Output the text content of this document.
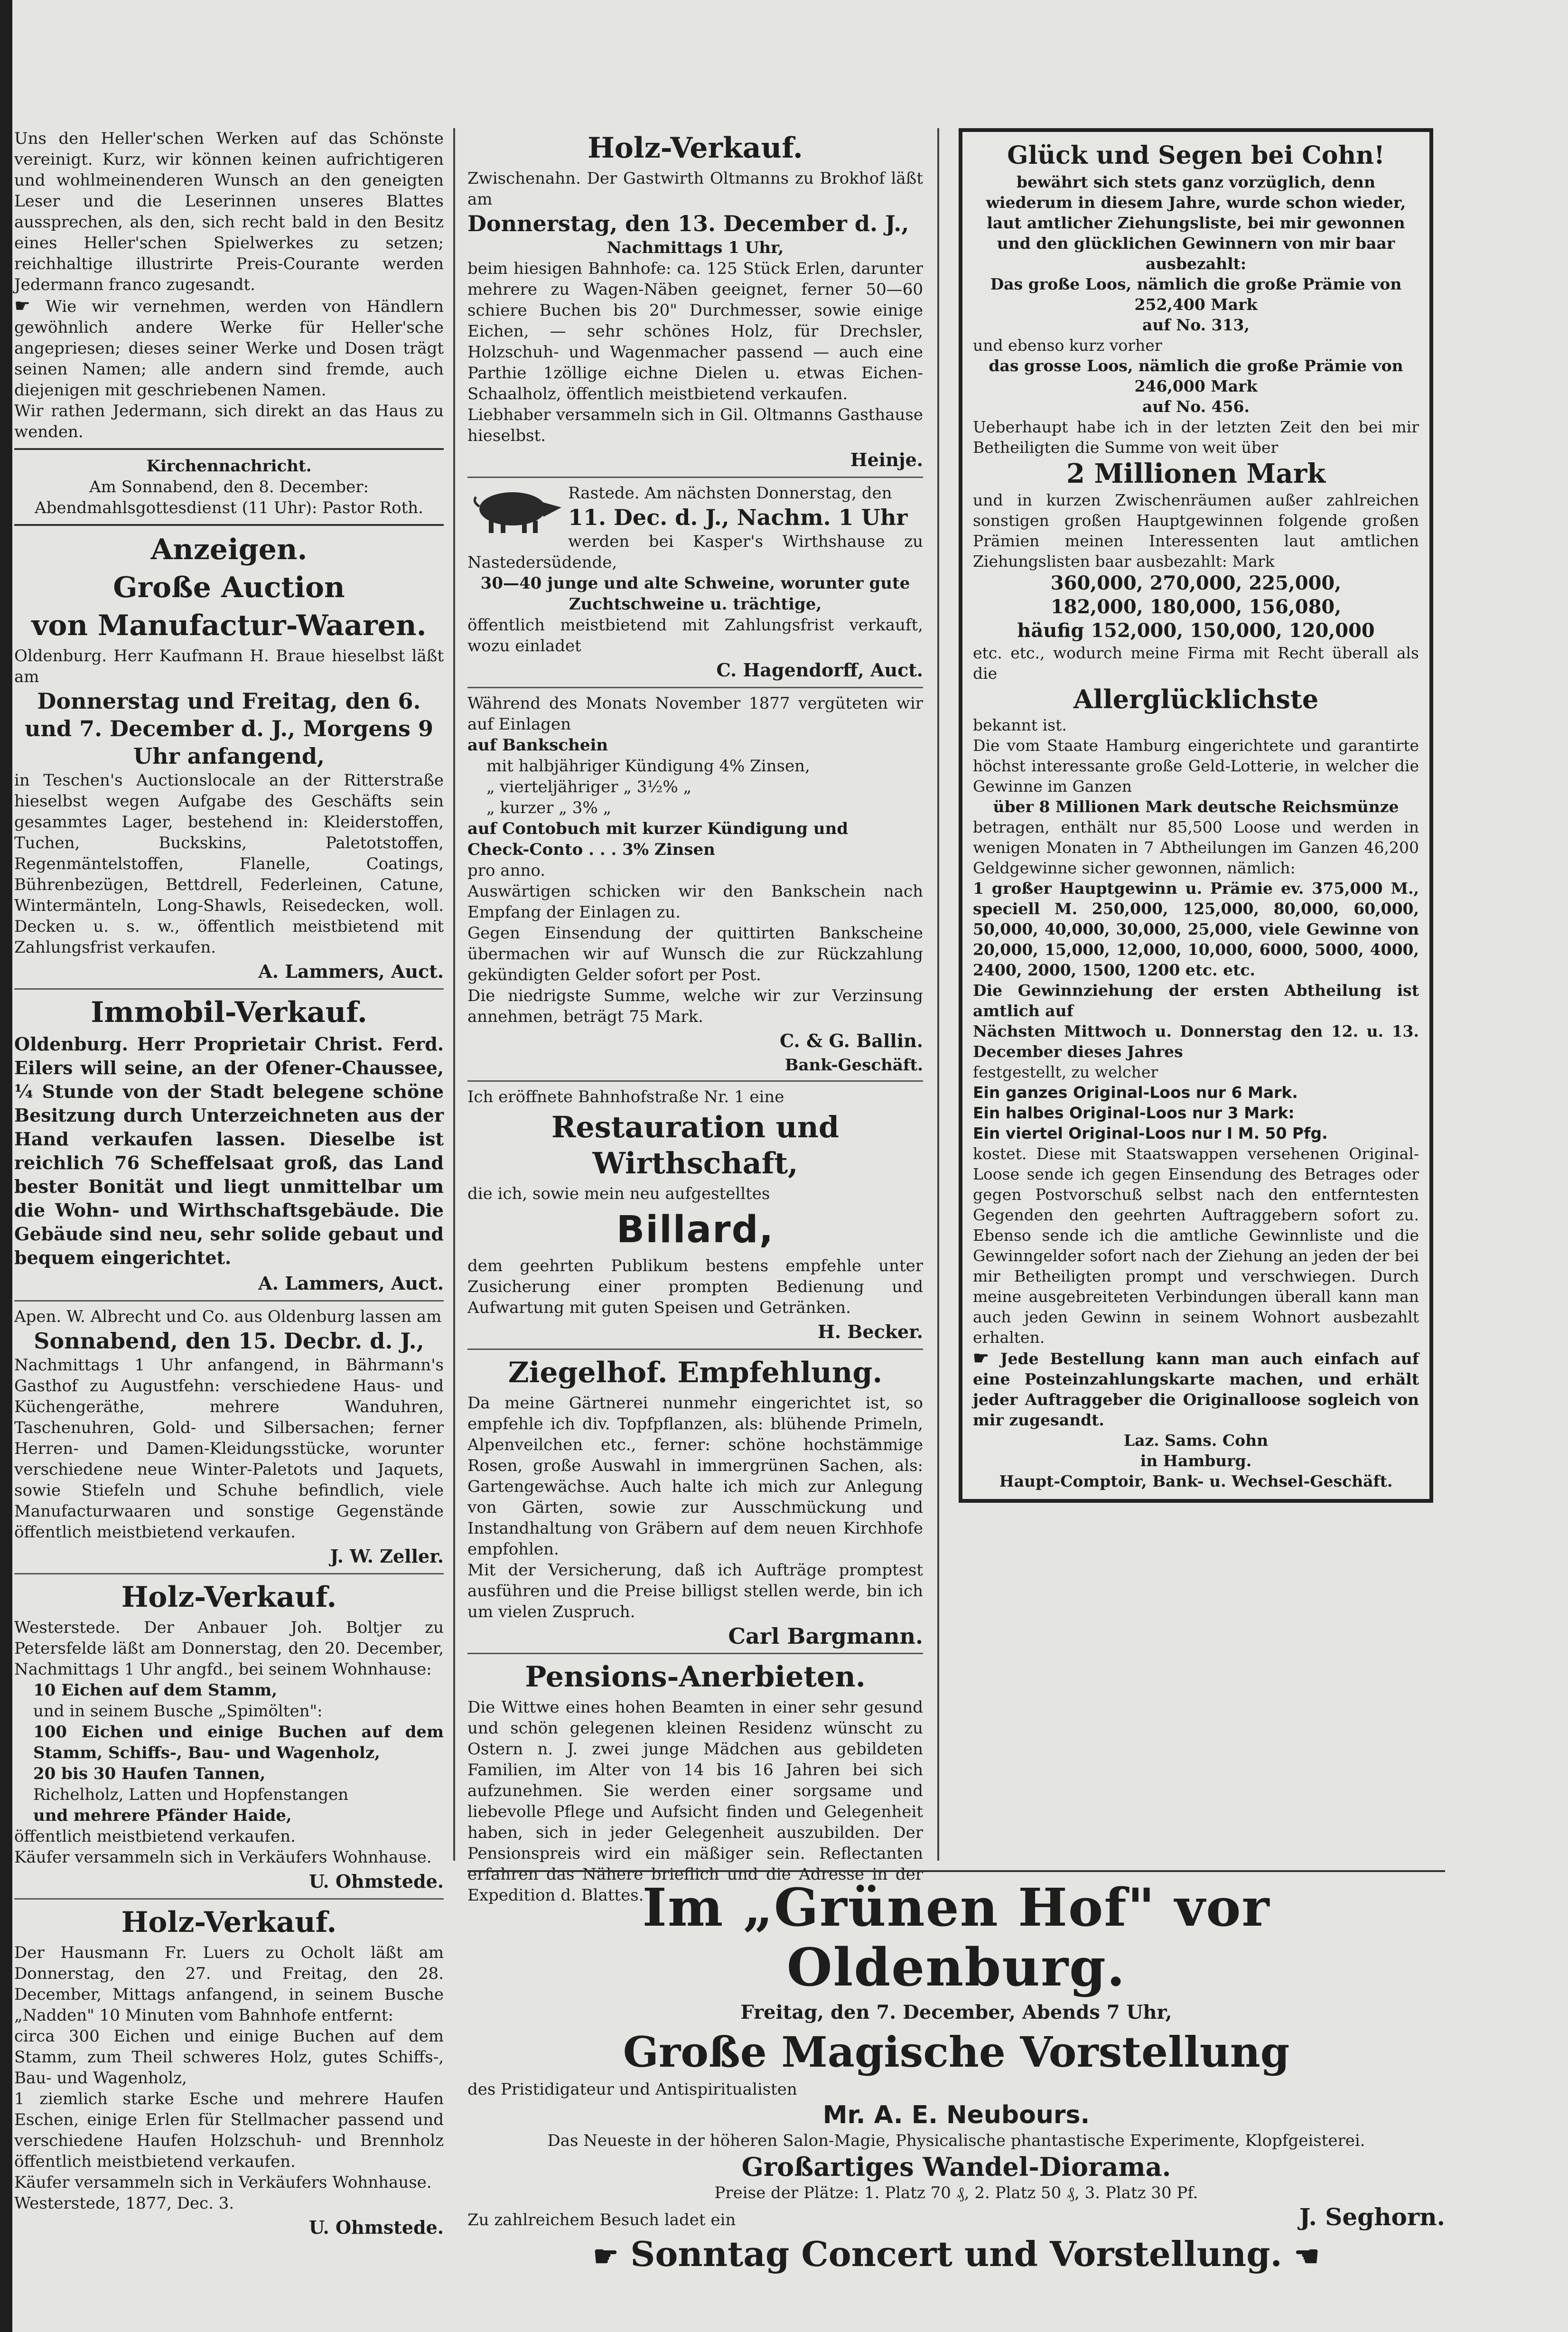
Uns den Heller'schen Werken auf das Schönste vereinigt. Kurz, wir können keinen aufrichtigeren und wohlmeinenderen Wunsch an den geneigten Leser und die Leserinnen unseres Blattes aussprechen, als den, sich recht bald in den Besitz eines Heller'schen Spielwerkes zu setzen; reichhaltige illustrirte Preis-Courante werden Jedermann franco zugesandt.

☛ Wie wir vernehmen, werden von Händlern gewöhnlich andere Werke für Heller'sche angepriesen; dieses seiner Werke und Dosen trägt seinen Namen; alle andern sind fremde, auch diejenigen mit geschriebenen Namen.

Wir rathen Jedermann, sich direkt an das Haus zu wenden.

Kirchennachricht.

Am Sonnabend, den 8. December:

Abendmahlsgottesdienst (11 Uhr): Pastor Roth.

Anzeigen.
Große Auction
von Manufactur-Waaren.

Oldenburg. Herr Kaufmann H. Braue hieselbst läßt am

Donnerstag und Freitag, den 6. und 7. December d. J., Morgens 9 Uhr anfangend,

in Teschen's Auctionslocale an der Ritterstraße hieselbst wegen Aufgabe des Geschäfts sein gesammtes Lager, bestehend in: Kleiderstoffen, Tuchen, Buckskins, Paletotstoffen, Regenmäntelstoffen, Flanelle, Coatings, Bührenbezügen, Bettdrell, Federleinen, Catune, Wintermänteln, Long-Shawls, Reisedecken, woll. Decken u. s. w., öffentlich meistbietend mit Zahlungsfrist verkaufen.

A. Lammers, Auct.

Immobil-Verkauf.

Oldenburg. Herr Proprietair Christ. Ferd. Eilers will seine, an der Ofener-Chaussee, ¼ Stunde von der Stadt belegene schöne Besitzung durch Unterzeichneten aus der Hand verkaufen lassen. Dieselbe ist reichlich 76 Scheffelsaat groß, das Land bester Bonität und liegt unmittelbar um die Wohn- und Wirthschaftsgebäude. Die Gebäude sind neu, sehr solide gebaut und bequem eingerichtet.

A. Lammers, Auct.

Apen. W. Albrecht und Co. aus Oldenburg lassen am

Sonnabend, den 15. Decbr. d. J.,

Nachmittags 1 Uhr anfangend, in Bährmann's Gasthof zu Augustfehn: verschiedene Haus- und Küchengeräthe, mehrere Wanduhren, Taschenuhren, Gold- und Silbersachen; ferner Herren- und Damen-Kleidungsstücke, worunter verschiedene neue Winter-Paletots und Jaquets, sowie Stiefeln und Schuhe befindlich, viele Manufacturwaaren und sonstige Gegenstände öffentlich meistbietend verkaufen.

J. W. Zeller.

Holz-Verkauf.

Westerstede. Der Anbauer Joh. Boltjer zu Petersfelde läßt am Donnerstag, den 20. December, Nachmittags 1 Uhr angfd., bei seinem Wohnhause:

10 Eichen auf dem Stamm,

und in seinem Busche „Spimölten":

100 Eichen und einige Buchen auf dem Stamm, Schiffs-, Bau- und Wagenholz,

20 bis 30 Haufen Tannen,

Richelholz, Latten und Hopfenstangen

und mehrere Pfänder Haide,

öffentlich meistbietend verkaufen.

Käufer versammeln sich in Verkäufers Wohnhause.

U. Ohmstede.

Holz-Verkauf.

Der Hausmann Fr. Luers zu Ocholt läßt am Donnerstag, den 27. und Freitag, den 28. December, Mittags anfangend, in seinem Busche „Nadden" 10 Minuten vom Bahnhofe entfernt:

circa 300 Eichen und einige Buchen auf dem Stamm, zum Theil schweres Holz, gutes Schiffs-, Bau- und Wagenholz,

1 ziemlich starke Esche und mehrere Haufen Eschen, einige Erlen für Stellmacher passend und verschiedene Haufen Holzschuh- und Brennholz öffentlich meistbietend verkaufen.

Käufer versammeln sich in Verkäufers Wohnhause.

Westerstede, 1877, Dec. 3.

U. Ohmstede.

Holz-Verkauf.

Zwischenahn. Der Gastwirth Oltmanns zu Brokhof läßt am

Donnerstag, den 13. December d. J.,

Nachmittags 1 Uhr,

beim hiesigen Bahnhofe: ca. 125 Stück Erlen, darunter mehrere zu Wagen-Näben geeignet, ferner 50—60 schiere Buchen bis 20" Durchmesser, sowie einige Eichen, — sehr schönes Holz, für Drechsler, Holzschuh- und Wagenmacher passend — auch eine Parthie 1zöllige eichne Dielen u. etwas Eichen-Schaalholz, öffentlich meistbietend verkaufen.

Liebhaber versammeln sich in Gil. Oltmanns Gasthause hieselbst.

Heinje.

Rastede. Am nächsten Donnerstag, den

11. Dec. d. J., Nachm. 1 Uhr

werden bei Kasper's Wirthshause zu Nastedersüdende,

30—40 junge und alte Schweine, worunter gute Zuchtschweine u. trächtige,

öffentlich meistbietend mit Zahlungsfrist verkauft, wozu einladet

C. Hagendorff, Auct.

Während des Monats November 1877 vergüteten wir auf Einlagen

auf Bankschein

mit halbjähriger Kündigung 4% Zinsen,

„ vierteljähriger „ 3½% „

„ kurzer „ 3% „

auf Contobuch mit kurzer Kündigung und

Check-Conto . . . 3% Zinsen

pro anno.

Auswärtigen schicken wir den Bankschein nach Empfang der Einlagen zu.

Gegen Einsendung der quittirten Bankscheine übermachen wir auf Wunsch die zur Rückzahlung gekündigten Gelder sofort per Post.

Die niedrigste Summe, welche wir zur Verzinsung annehmen, beträgt 75 Mark.

C. & G. Ballin.

Bank-Geschäft.

Ich eröffnete Bahnhofstraße Nr. 1 eine

Restauration und Wirthschaft,

die ich, sowie mein neu aufgestelltes

Billard,

dem geehrten Publikum bestens empfehle unter Zusicherung einer prompten Bedienung und Aufwartung mit guten Speisen und Getränken.

H. Becker.

Ziegelhof. Empfehlung.

Da meine Gärtnerei nunmehr eingerichtet ist, so empfehle ich div. Topfpflanzen, als: blühende Primeln, Alpenveilchen etc., ferner: schöne hochstämmige Rosen, große Auswahl in immergrünen Sachen, als: Gartengewächse. Auch halte ich mich zur Anlegung von Gärten, sowie zur Ausschmückung und Instandhaltung von Gräbern auf dem neuen Kirchhofe empfohlen.

Mit der Versicherung, daß ich Aufträge promptest ausführen und die Preise billigst stellen werde, bin ich um vielen Zuspruch.

Carl Bargmann.

Pensions-Anerbieten.

Die Wittwe eines hohen Beamten in einer sehr gesund und schön gelegenen kleinen Residenz wünscht zu Ostern n. J. zwei junge Mädchen aus gebildeten Familien, im Alter von 14 bis 16 Jahren bei sich aufzunehmen. Sie werden einer sorgsame und liebevolle Pflege und Aufsicht finden und Gelegenheit haben, sich in jeder Gelegenheit auszubilden. Der Pensionspreis wird ein mäßiger sein. Reflectanten erfahren das Nähere brieflich und die Adresse in der Expedition d. Blattes.

Glück und Segen bei Cohn!

bewährt sich stets ganz vorzüglich, denn wiederum in diesem Jahre, wurde schon wieder, laut amtlicher Ziehungsliste, bei mir gewonnen und den glücklichen Gewinnern von mir baar ausbezahlt:

Das große Loos, nämlich die große Prämie von

252,400 Mark

auf No. 313,

und ebenso kurz vorher

das grosse Loos, nämlich die große Prämie von

246,000 Mark

auf No. 456.

Ueberhaupt habe ich in der letzten Zeit den bei mir Betheiligten die Summe von weit über

2 Millionen Mark

und in kurzen Zwischenräumen außer zahlreichen sonstigen großen Hauptgewinnen folgende großen Prämien meinen Interessenten laut amtlichen Ziehungslisten baar ausbezahlt: Mark

360,000, 270,000, 225,000,

182,000, 180,000, 156,080,

häufig 152,000, 150,000, 120,000

etc. etc., wodurch meine Firma mit Recht überall als die

Allerglücklichste

bekannt ist.

Die vom Staate Hamburg eingerichtete und garantirte höchst interessante große Geld-Lotterie, in welcher die Gewinne im Ganzen

über 8 Millionen Mark deutsche Reichsmünze

betragen, enthält nur 85,500 Loose und werden in wenigen Monaten in 7 Abtheilungen im Ganzen 46,200 Geldgewinne sicher gewonnen, nämlich:

1 großer Hauptgewinn u. Prämie ev. 375,000 M., speciell M. 250,000, 125,000, 80,000, 60,000, 50,000, 40,000, 30,000, 25,000, viele Gewinne von 20,000, 15,000, 12,000, 10,000, 6000, 5000, 4000, 2400, 2000, 1500, 1200 etc. etc.

Die Gewinnziehung der ersten Abtheilung ist amtlich auf

Nächsten Mittwoch u. Donnerstag den 12. u. 13. December dieses Jahres

festgestellt, zu welcher

Ein ganzes Original-Loos nur 6 Mark.

Ein halbes Original-Loos nur 3 Mark:

Ein viertel Original-Loos nur I M. 50 Pfg.

kostet. Diese mit Staatswappen versehenen Original-Loose sende ich gegen Einsendung des Betrages oder gegen Postvorschuß selbst nach den entferntesten Gegenden den geehrten Auftraggebern sofort zu. Ebenso sende ich die amtliche Gewinnliste und die Gewinngelder sofort nach der Ziehung an jeden der bei mir Betheiligten prompt und verschwiegen. Durch meine ausgebreiteten Verbindungen überall kann man auch jeden Gewinn in seinem Wohnort ausbezahlt erhalten.

☛ Jede Bestellung kann man auch einfach auf eine Posteinzahlungskarte machen, und erhält jeder Auftraggeber die Originalloose sogleich von mir zugesandt.

Laz. Sams. Cohn

in Hamburg.

Haupt-Comptoir, Bank- u. Wechsel-Geschäft.

Im „Grünen Hof" vor Oldenburg.

Freitag, den 7. December, Abends 7 Uhr,

Große Magische Vorstellung

des Pristidigateur und Antispiritualisten

Mr. A. E. Neubours.

Das Neueste in der höheren Salon-Magie, Physicalische phantastische Experimente, Klopfgeisterei.

Großartiges Wandel-Diorama.

Preise der Plätze: 1. Platz 70 ₰, 2. Platz 50 ₰, 3. Platz 30 Pf.

Zu zahlreichem Besuch ladet ein	J. Seghorn.

☛ Sonntag Concert und Vorstellung. ☚
